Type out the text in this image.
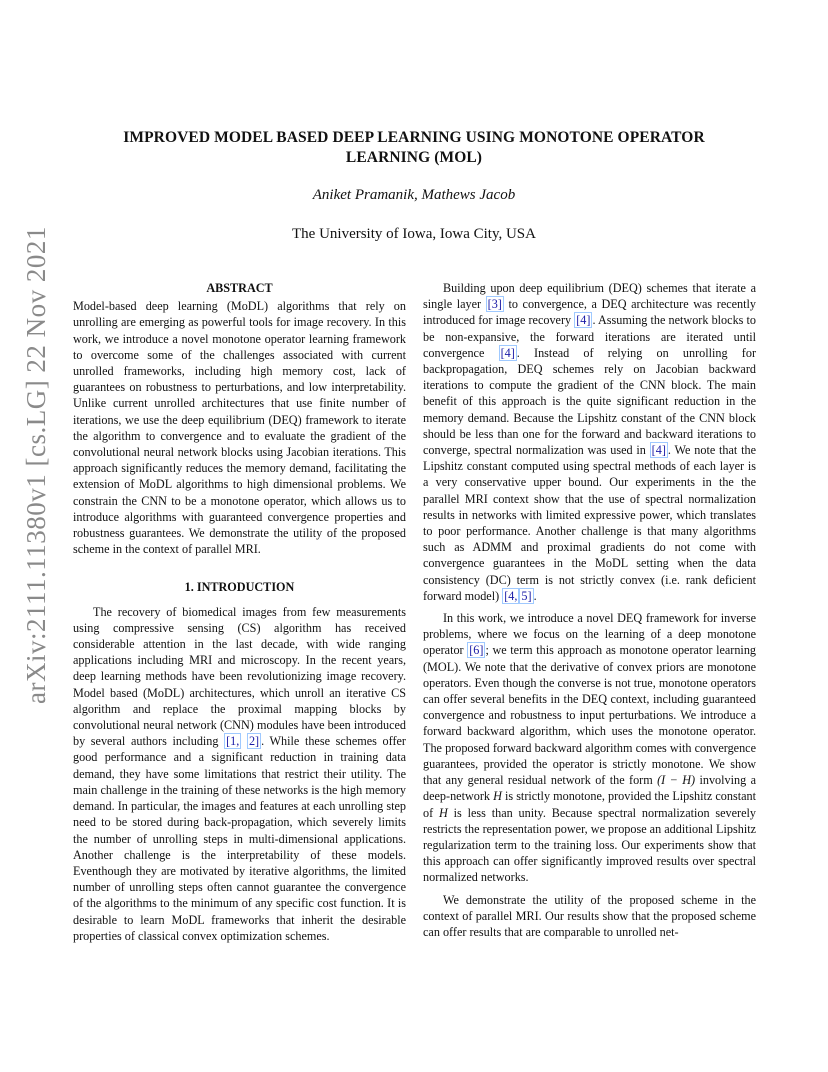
arXiv:2111.11380v1 [cs.LG] 22 Nov 2021
IMPROVED MODEL BASED DEEP LEARNING USING MONOTONE OPERATOR
LEARNING (MOL)
Aniket Pramanik, Mathews Jacob
The University of Iowa, Iowa City, USA
ABSTRACT

Model-based deep learning (MoDL) algorithms that rely on unrolling are emerging as powerful tools for image recovery. In this work, we introduce a novel monotone operator learning framework to overcome some of the challenges associated with current unrolled frameworks, including high memory cost, lack of guarantees on robustness to perturbations, and low interpretability. Unlike current unrolled architectures that use finite number of iterations, we use the deep equilibrium (DEQ) framework to iterate the algorithm to convergence and to evaluate the gradient of the convolutional neural network blocks using Jacobian iterations. This approach significantly reduces the memory demand, facilitating the extension of MoDL algorithms to high dimensional problems. We constrain the CNN to be a monotone operator, which allows us to introduce algorithms with guaranteed convergence properties and robustness guarantees. We demonstrate the utility of the proposed scheme in the context of parallel MRI.

1. INTRODUCTION

The recovery of biomedical images from few measurements using compressive sensing (CS) algorithm has received considerable attention in the last decade, with wide ranging applications including MRI and microscopy. In the recent years, deep learning methods have been revolutionizing image recovery. Model based (MoDL) architectures, which unroll an iterative CS algorithm and replace the proximal mapping blocks by convolutional neural network (CNN) modules have been introduced by several authors including [1, 2] . While these schemes offer good performance and a significant reduction in training data demand, they have some limitations that restrict their utility. The main challenge in the training of these networks is the high memory demand. In particular, the images and features at each unrolling step need to be stored during back-propagation, which severely limits the number of unrolling steps in multi-dimensional applications. Another challenge is the interpretability of these models. Eventhough they are motivated by iterative algorithms, the limited number of unrolling steps often cannot guarantee the convergence of the algorithms to the minimum of any specific cost function. It is desirable to learn MoDL frameworks that inherit the desirable properties of classical convex optimization schemes.

Building upon deep equilibrium (DEQ) schemes that iterate a single layer [3] to convergence, a DEQ architecture was recently introduced for image recovery [4] . Assuming the network blocks to be non-expansive, the forward iterations are iterated until convergence [4] . Instead of relying on unrolling for backpropagation, DEQ schemes rely on Jacobian backward iterations to compute the gradient of the CNN block. The main benefit of this approach is the quite significant reduction in the memory demand. Because the Lipshitz constant of the CNN block should be less than one for the forward and backward iterations to converge, spectral normalization was used in [4] . We note that the Lipshitz constant computed using spectral methods of each layer is a very conservative upper bound. Our experiments in the the parallel MRI context show that the use of spectral normalization results in networks with limited expressive power, which translates to poor performance. Another challenge is that many algorithms such as ADMM and proximal gradients do not come with convergence guarantees in the MoDL setting when the data consistency (DC) term is not strictly convex (i.e. rank deficient forward model) [4, 5] .

In this work, we introduce a novel DEQ framework for inverse problems, where we focus on the learning of a deep monotone operator [6] ; we term this approach as monotone operator learning (MOL). We note that the derivative of convex priors are monotone operators. Even though the converse is not true, monotone operators can offer several benefits in the DEQ context, including guaranteed convergence and robustness to input perturbations. We introduce a forward backward algorithm, which uses the monotone operator. The proposed forward backward algorithm comes with convergence guarantees, provided the operator is strictly monotone. We show that any general residual network of the form (I − H) involving a deep-network H is strictly monotone, provided the Lipshitz constant of H is less than unity. Because spectral normalization severely restricts the representation power, we propose an additional Lipshitz regularization term to the training loss. Our experiments show that this approach can offer significantly improved results over spectral normalized networks.

We demonstrate the utility of the proposed scheme in the context of parallel MRI. Our results show that the proposed scheme can offer results that are comparable to unrolled net-
